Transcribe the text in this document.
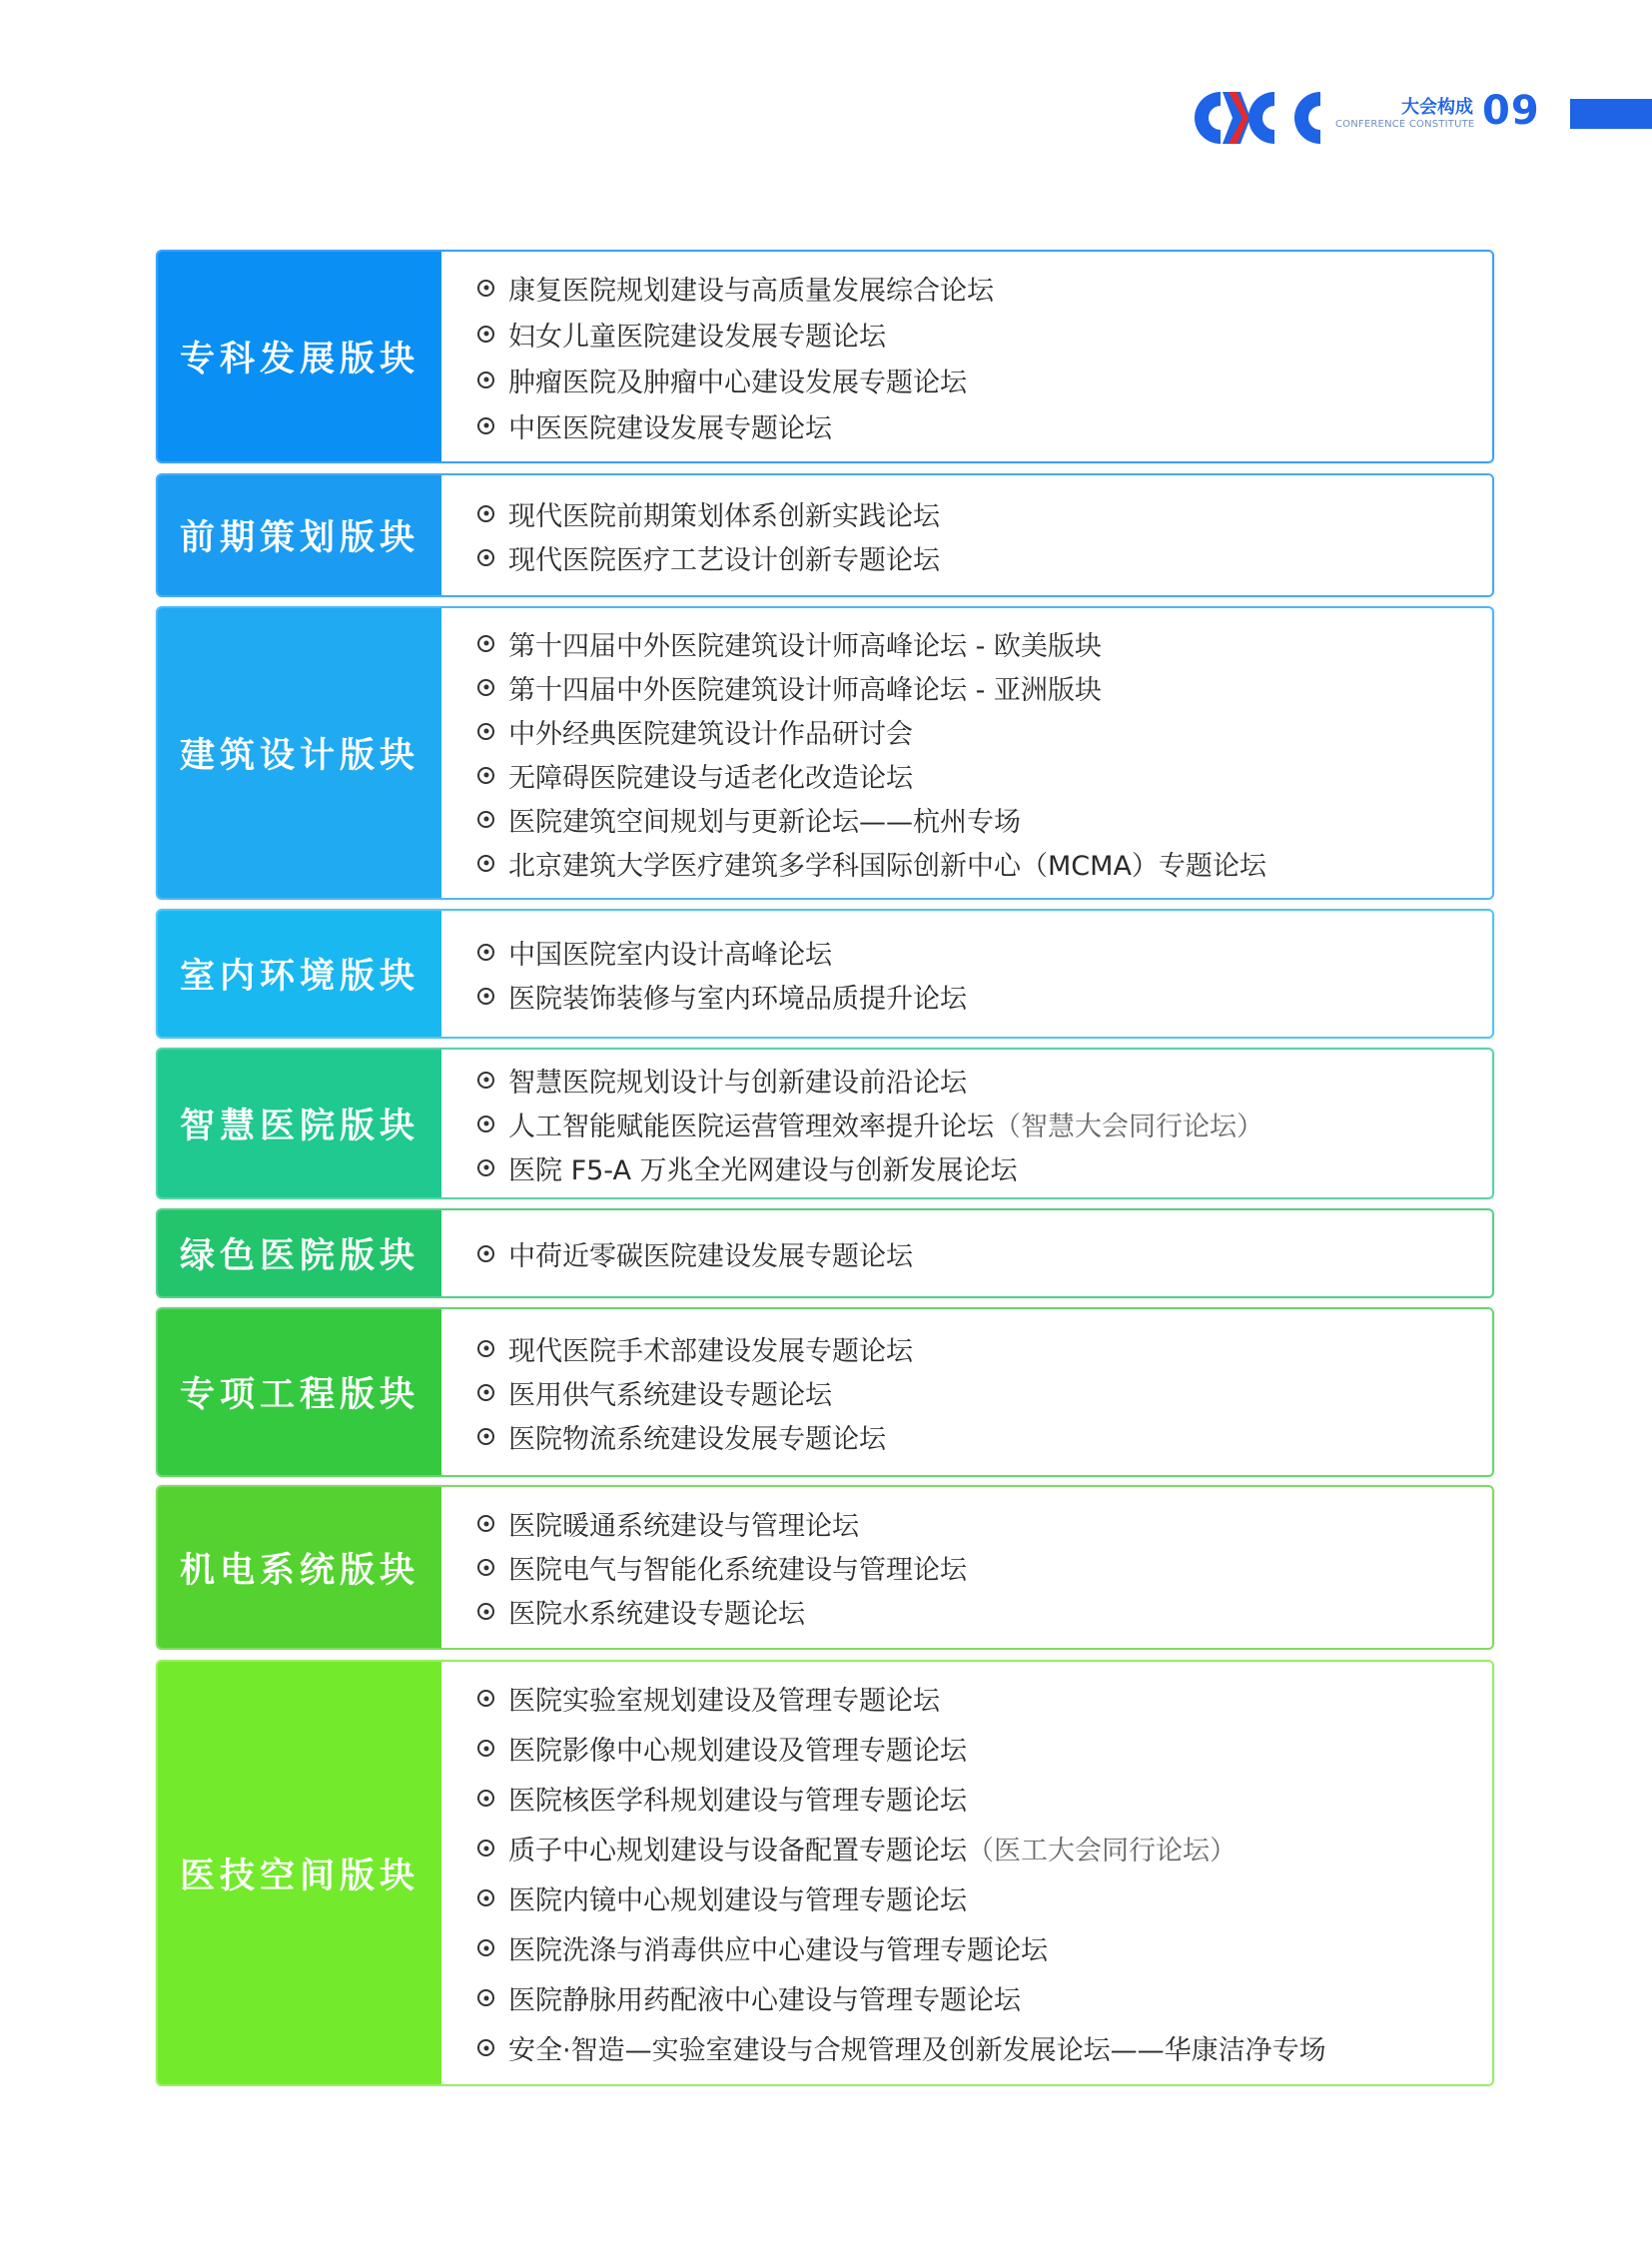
大会构成
CONFERENCE CONSTITUTE 09
专科发展版块
康复医院规划建设与高质量发展综合论坛
妇女儿童医院建设发展专题论坛
肿瘤医院及肿瘤中心建设发展专题论坛
中医医院建设发展专题论坛
前期策划版块
现代医院前期策划体系创新实践论坛
现代医院医疗工艺设计创新专题论坛
建筑设计版块
第十四届中外医院建筑设计师高峰论坛 - 欧美版块
第十四届中外医院建筑设计师高峰论坛 - 亚洲版块
中外经典医院建筑设计作品研讨会
无障碍医院建设与适老化改造论坛
医院建筑空间规划与更新论坛——杭州专场
北京建筑大学医疗建筑多学科国际创新中心（MCMA）专题论坛
室内环境版块
中国医院室内设计高峰论坛
医院装饰装修与室内环境品质提升论坛
智慧医院版块
智慧医院规划设计与创新建设前沿论坛
人工智能赋能医院运营管理效率提升论坛 （智慧大会同行论坛）
医院 F5-A 万兆全光网建设与创新发展论坛
绿色医院版块	中荷近零碳医院建设发展专题论坛
专项工程版块
现代医院手术部建设发展专题论坛
医用供气系统建设专题论坛
医院物流系统建设发展专题论坛
机电系统版块
医院暖通系统建设与管理论坛
医院电气与智能化系统建设与管理论坛
医院水系统建设专题论坛
医技空间版块
医院实验室规划建设及管理专题论坛
医院影像中心规划建设及管理专题论坛
医院核医学科规划建设与管理专题论坛
质子中心规划建设与设备配置专题论坛 （医工大会同行论坛）
医院内镜中心规划建设与管理专题论坛
医院洗涤与消毒供应中心建设与管理专题论坛
医院静脉用药配液中心建设与管理专题论坛
安全·智造—实验室建设与合规管理及创新发展论坛——华康洁净专场
